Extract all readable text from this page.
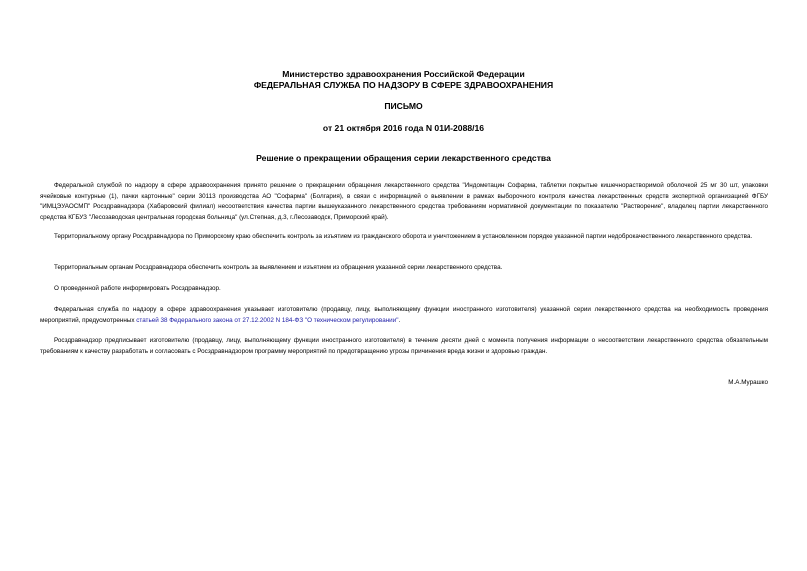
Министерство здравоохранения Российской Федерации
ФЕДЕРАЛЬНАЯ СЛУЖБА ПО НАДЗОРУ В СФЕРЕ ЗДРАВООХРАНЕНИЯ
ПИСЬМО
от 21 октября 2016 года N 01И-2088/16
Решение о прекращении обращения серии лекарственного средства

Федеральной службой по надзору в сфере здравоохранения принято решение о прекращении обращения лекарственного средства "Индометацин Софарма, таблетки покрытые кишечнорастворимой оболочкой 25 мг 30 шт, упаковки ячейковые контурные (1), пачки картонные" серии 30113 производства АО "Софарма" (Болгария), в связи с информацией о выявлении в рамках выборочного контроля качества лекарственных средств экспертной организацией ФГБУ "ИМЦЭУАОСМП" Росздравнадзора (Хабаровский филиал) несоответствия качества партии вышеуказанного лекарственного средства требованиям нормативной документации по показателю "Растворение", владелец партии лекарственного средства КГБУЗ "Лесозаводская центральная городская больница" (ул.Степная, д.3, г.Лесозаводск, Приморский край).

Территориальному органу Росздравнадзора по Приморскому краю обеспечить контроль за изъятием из гражданского оборота и уничтожением в установленном порядке указанной партии недоброкачественного лекарственного средства.

Территориальным органам Росздравнадзора обеспечить контроль за выявлением и изъятием из обращения указанной серии лекарственного средства.

О проведенной работе информировать Росздравнадзор.

Федеральная служба по надзору в сфере здравоохранения указывает изготовителю (продавцу, лицу, выполняющему функции иностранного изготовителя) указанной серии лекарственного средства на необходимость проведения мероприятий, предусмотренных статьей 38 Федерального закона от 27.12.2002 N 184-ФЗ "О техническом регулировании".

Росздравнадзор предписывает изготовителю (продавцу, лицу, выполняющему функции иностранного изготовителя) в течение десяти дней с момента получения информации о несоответствии лекарственного средства обязательным требованиям к качеству разработать и согласовать с Росздравнадзором программу мероприятий по предотвращению угрозы причинения вреда жизни и здоровью граждан.

М.А.Мурашко
